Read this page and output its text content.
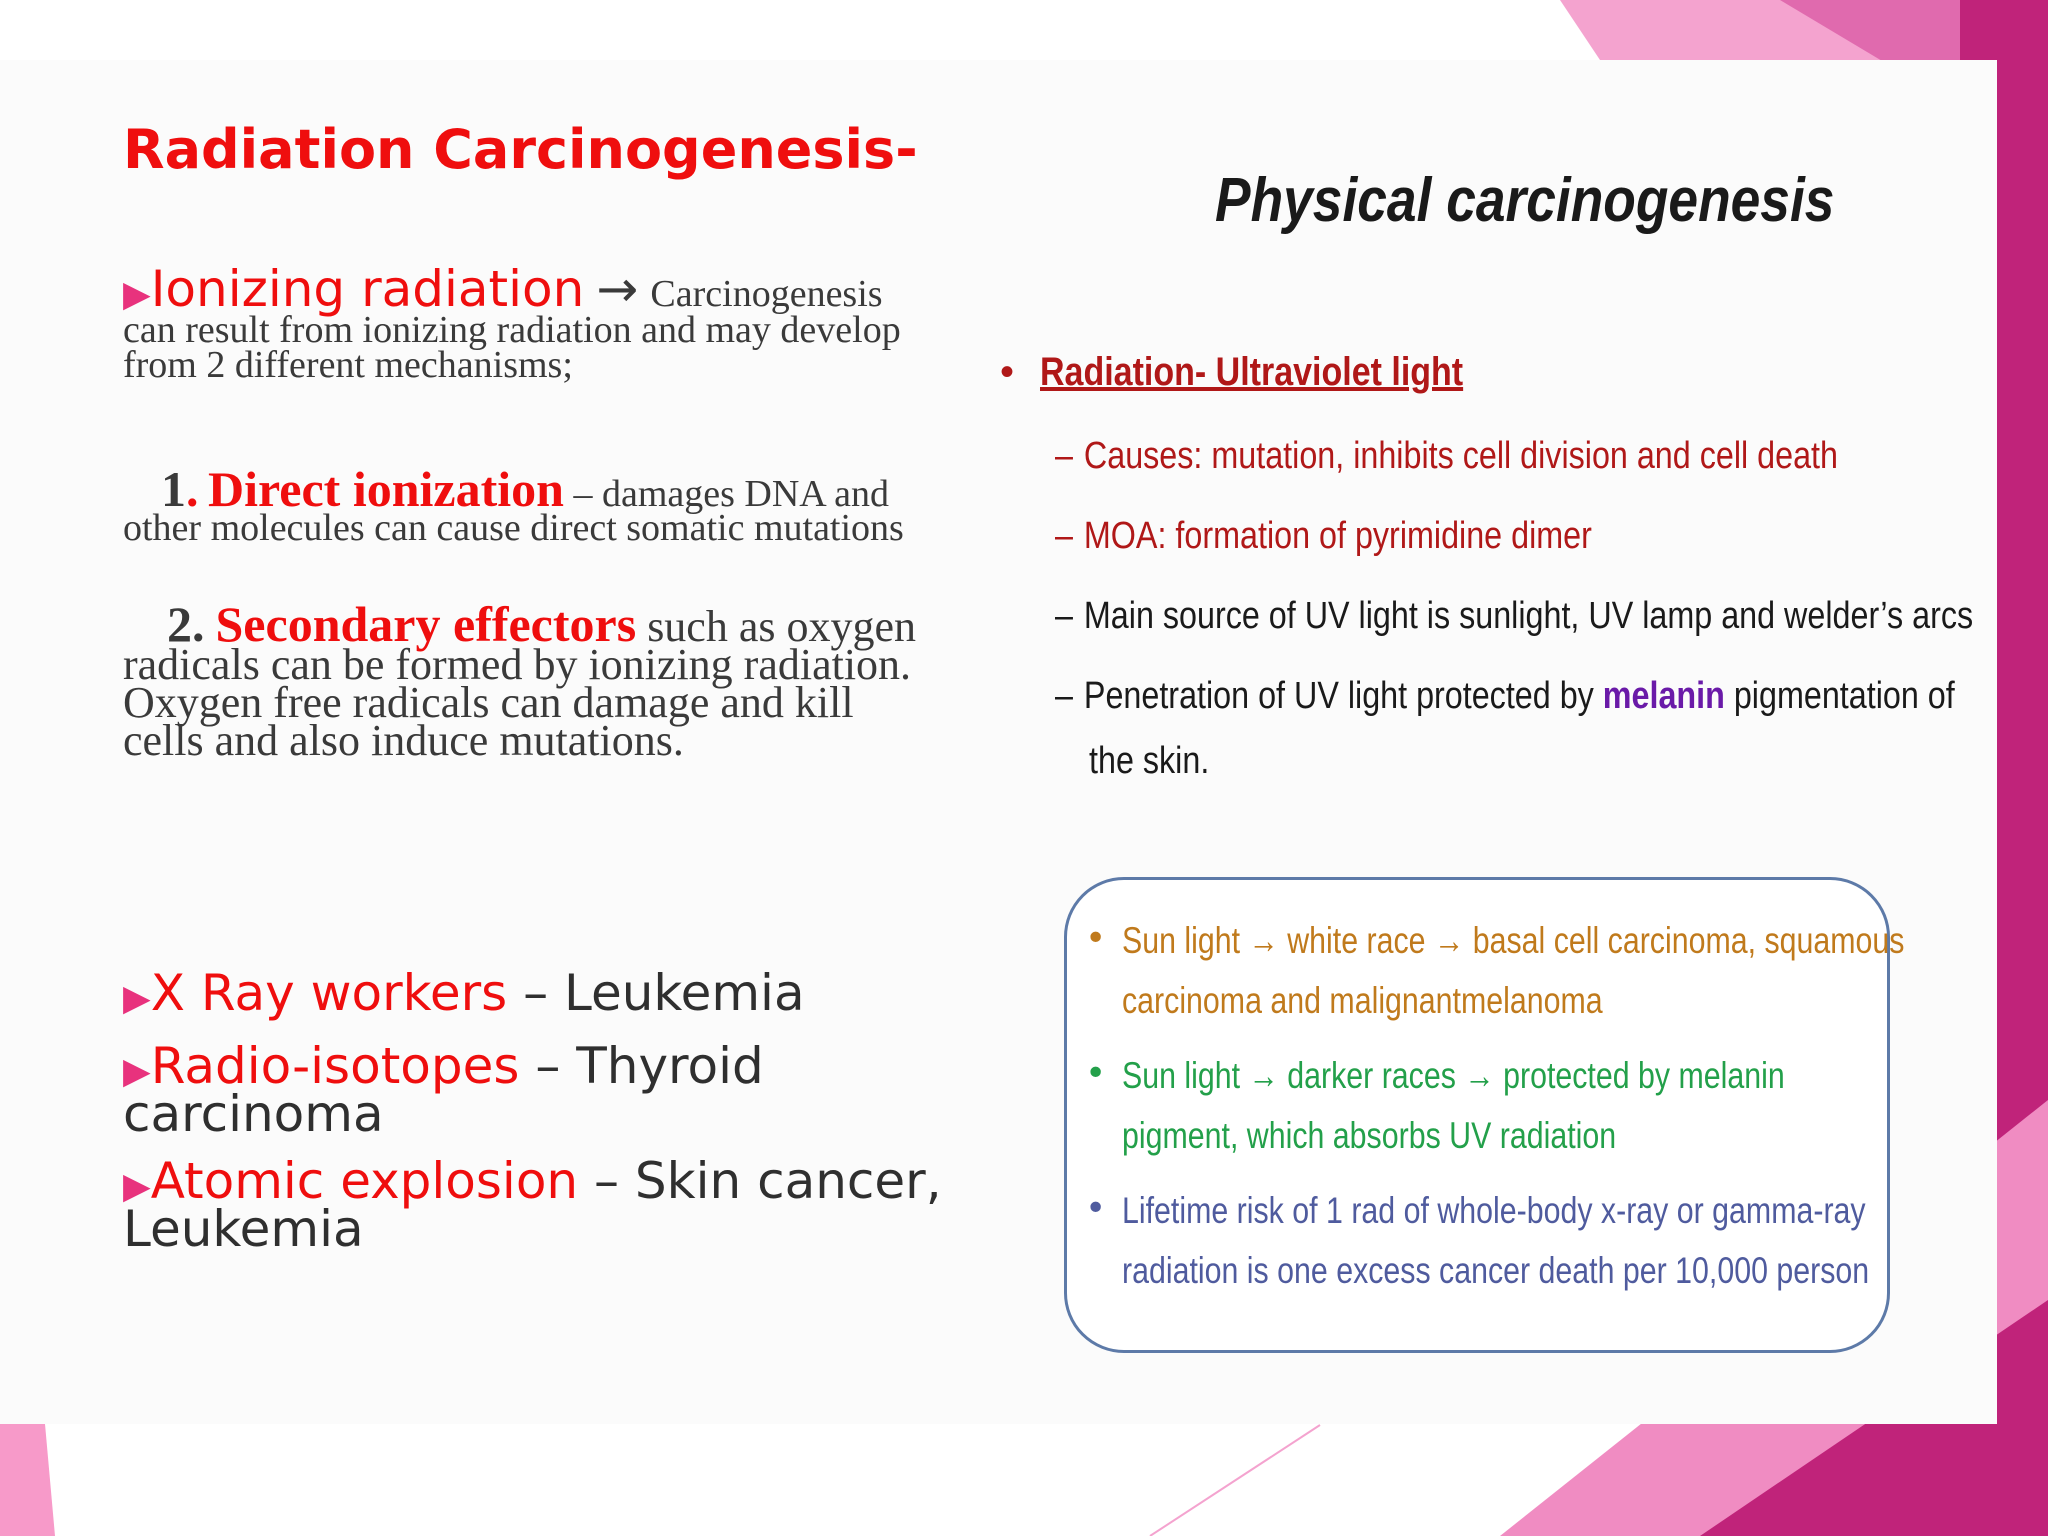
Radiation Carcinogenesis-
▶Ionizing radiation → Carcinogenesis can result from ionizing radiation and may develop from 2 different mechanisms;
1. Direct ionization – damages DNA and other molecules can cause direct somatic mutations
2. Secondary effectors such as oxygen radicals can be formed by ionizing radiation. Oxygen free radicals can damage and kill cells and also induce mutations.
▶X Ray workers – Leukemia
▶Radio-isotopes – Thyroid carcinoma
▶Atomic explosion – Skin cancer, Leukemia
Physical carcinogenesis
• Radiation- Ultraviolet light
– Causes: mutation, inhibits cell division and cell death
– MOA: formation of pyrimidine dimer
– Main source of UV light is sunlight, UV lamp and welder’s arcs
– Penetration of UV light protected by melanin pigmentation of
the skin.
• Sun light → white race → basal cell carcinoma, squamous
carcinoma and malignantmelanoma
• Sun light → darker races → protected by melanin
pigment, which absorbs UV radiation
• Lifetime risk of 1 rad of whole-body x-ray or gamma-ray
radiation is one excess cancer death per 10,000 person
